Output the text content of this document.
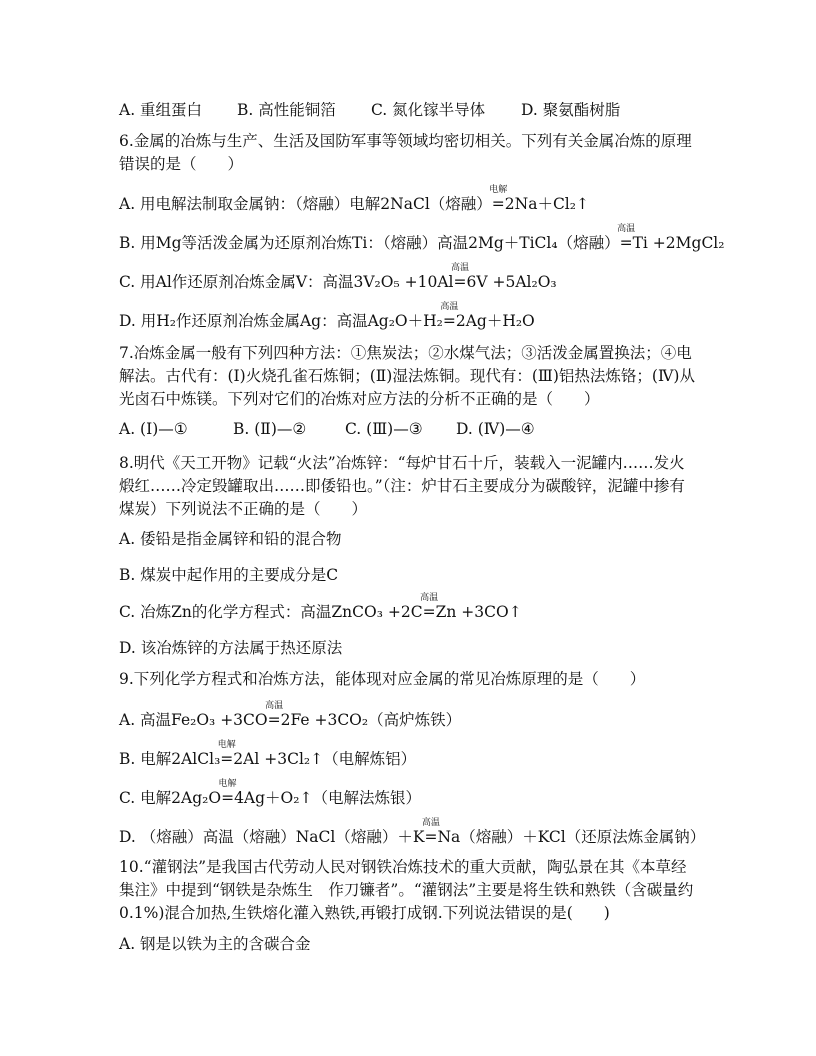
A. 重组蛋白 B. 高性能铜箔 C. 氮化镓半导体 D. 聚氨酯树脂
6.金属的冶炼与生产、生活及国防军事等领域均密切相关。下列有关金属冶炼的原理错误的是（　　）
A. 用电解法制取金属钠：（熔融）电解2NaCl（熔融）
电解
=2Na＋Cl₂↑
B. 用Mg等活泼金属为还原剂冶炼Ti：（熔融）高温2Mg＋TiCl₄（熔融）
高温
=Ti +2MgCl₂
C. 用Al作还原剂冶炼金属V：高温3V₂O₅ +10Al
高温
=6V +5Al₂O₃
D. 用H₂作还原剂冶炼金属Ag：高温Ag₂O＋H₂
高温
=2Ag＋H₂O
7.冶炼金属一般有下列四种方法：①焦炭法；②水煤气法；③活泼金属置换法；④电解法。古代有：(Ⅰ)火烧孔雀石炼铜；(Ⅱ)湿法炼铜。现代有：(Ⅲ)铝热法炼铬；(Ⅳ)从光卤石中炼镁。下列对它们的冶炼对应方法的分析不正确的是（　　）
A. (Ⅰ)—①	B. (Ⅱ)—② C. (Ⅲ)—③ D. (Ⅳ)—④
8.明代《天工开物》记载“火法”冶炼锌：“每炉甘石十斤，装载入一泥罐内……发火煅红……冷定毁罐取出……即倭铅也。”（注：炉甘石主要成分为碳酸锌，泥罐中掺有煤炭）下列说法不正确的是（　　）
A. 倭铅是指金属锌和铅的混合物
B. 煤炭中起作用的主要成分是C
C. 冶炼Zn的化学方程式：高温ZnCO₃ +2C
高温
=Zn +3CO↑
D. 该冶炼锌的方法属于热还原法
9.下列化学方程式和冶炼方法，能体现对应金属的常见冶炼原理的是（　　）
A. 高温Fe₂O₃ +3CO
高温
=2Fe +3CO₂（高炉炼铁）
B. 电解2AlCl₃
电解
=2Al +3Cl₂↑（电解炼铝）
C. 电解2Ag₂O
电解
=4Ag＋O₂↑（电解法炼银）
D. （熔融）高温（熔融）NaCl（熔融）＋K
高温
=Na（熔融）＋KCl（还原法炼金属钠）
10.“灌钢法”是我国古代劳动人民对钢铁冶炼技术的重大贡献，陶弘景在其《本草经集注》中提到“钢铁是杂炼生　作刀镰者”。“灌钢法”主要是将生铁和熟铁（含碳量约0.1%)混合加热,生铁熔化灌入熟铁,再锻打成钢.下列说法错误的是(　　)
A. 钢是以铁为主的含碳合金
